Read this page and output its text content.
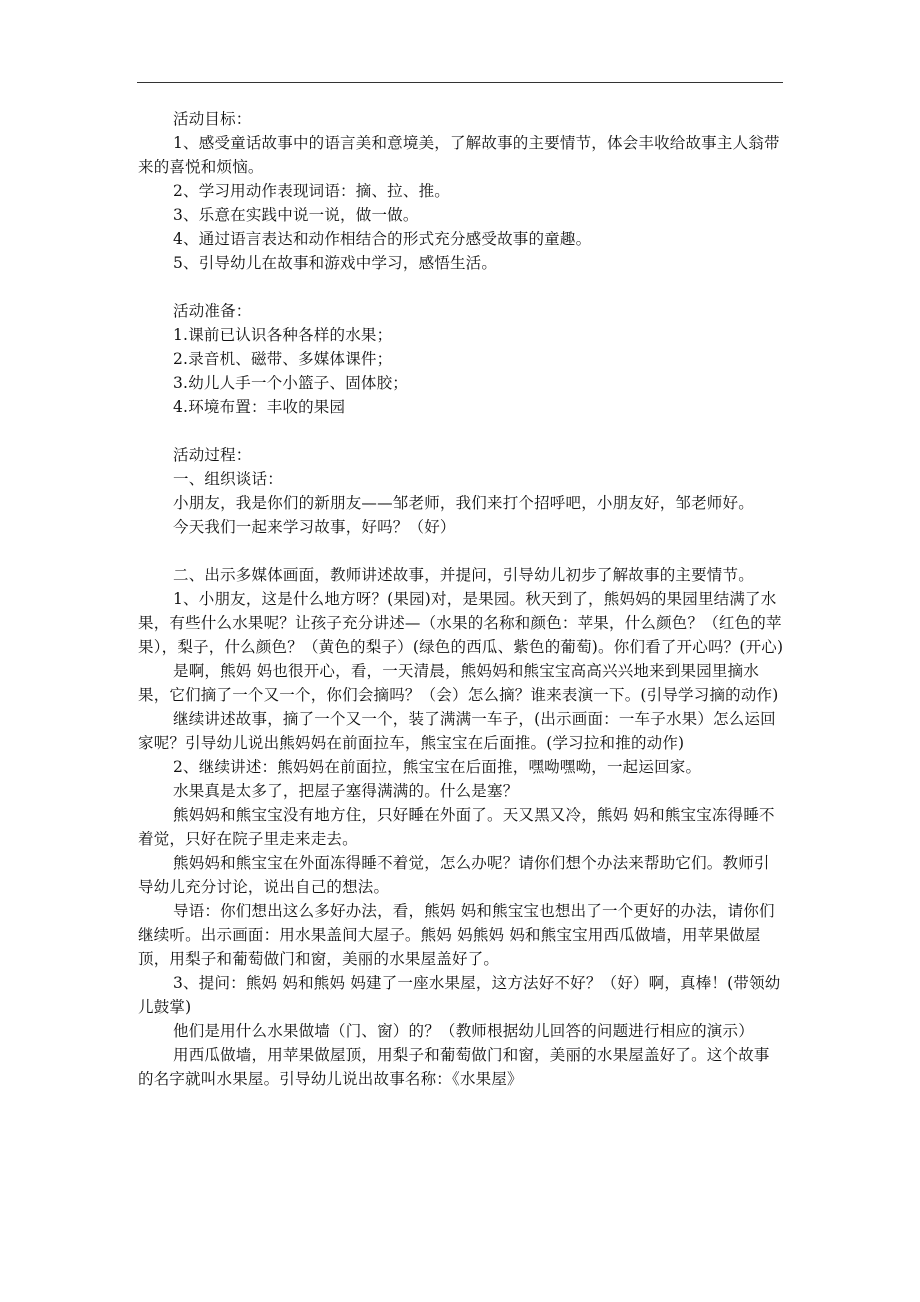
活动目标：

1、感受童话故事中的语言美和意境美，了解故事的主要情节，体会丰收给故事主人翁带来的喜悦和烦恼。

2、学习用动作表现词语：摘、拉、推。

3、乐意在实践中说一说，做一做。

4、通过语言表达和动作相结合的形式充分感受故事的童趣。

5、引导幼儿在故事和游戏中学习，感悟生活。

活动准备：

1.课前已认识各种各样的水果；

2.录音机、磁带、多媒体课件；

3.幼儿人手一个小篮子、固体胶；

4.环境布置：丰收的果园

活动过程：

一、组织谈话：

小朋友，我是你们的新朋友——邹老师，我们来打个招呼吧，小朋友好，邹老师好。

今天我们一起来学习故事，好吗？（好）

二、出示多媒体画面，教师讲述故事，并提问，引导幼儿初步了解故事的主要情节。

1、小朋友，这是什么地方呀？(果园)对，是果园。秋天到了，熊妈妈的果园里结满了水果，有些什么水果呢？让孩子充分讲述—（水果的名称和颜色：苹果，什么颜色？（红色的苹果），梨子，什么颜色？（黄色的梨子）(绿色的西瓜、紫色的葡萄)。你们看了开心吗？(开心)

是啊，熊妈 妈也很开心，看，一天清晨，熊妈妈和熊宝宝高高兴兴地来到果园里摘水果，它们摘了一个又一个，你们会摘吗？（会）怎么摘？谁来表演一下。(引导学习摘的动作)

继续讲述故事，摘了一个又一个，装了满满一车子，(出示画面：一车子水果）怎么运回家呢？引导幼儿说出熊妈妈在前面拉车，熊宝宝在后面推。(学习拉和推的动作)

2、继续讲述：熊妈妈在前面拉，熊宝宝在后面推，嘿呦嘿呦，一起运回家。

水果真是太多了，把屋子塞得满满的。什么是塞？

熊妈妈和熊宝宝没有地方住，只好睡在外面了。天又黑又冷，熊妈 妈和熊宝宝冻得睡不着觉，只好在院子里走来走去。

熊妈妈和熊宝宝在外面冻得睡不着觉，怎么办呢？请你们想个办法来帮助它们。教师引导幼儿充分讨论，说出自己的想法。

导语：你们想出这么多好办法，看，熊妈 妈和熊宝宝也想出了一个更好的办法，请你们继续听。出示画面：用水果盖间大屋子。熊妈 妈熊妈 妈和熊宝宝用西瓜做墙，用苹果做屋顶，用梨子和葡萄做门和窗，美丽的水果屋盖好了。

3、提问：熊妈 妈和熊妈 妈建了一座水果屋，这方法好不好？（好）啊，真棒！(带领幼儿鼓掌)

他们是用什么水果做墙（门、窗）的？（教师根据幼儿回答的问题进行相应的演示）

用西瓜做墙，用苹果做屋顶，用梨子和葡萄做门和窗，美丽的水果屋盖好了。这个故事的名字就叫水果屋。引导幼儿说出故事名称：《水果屋》
